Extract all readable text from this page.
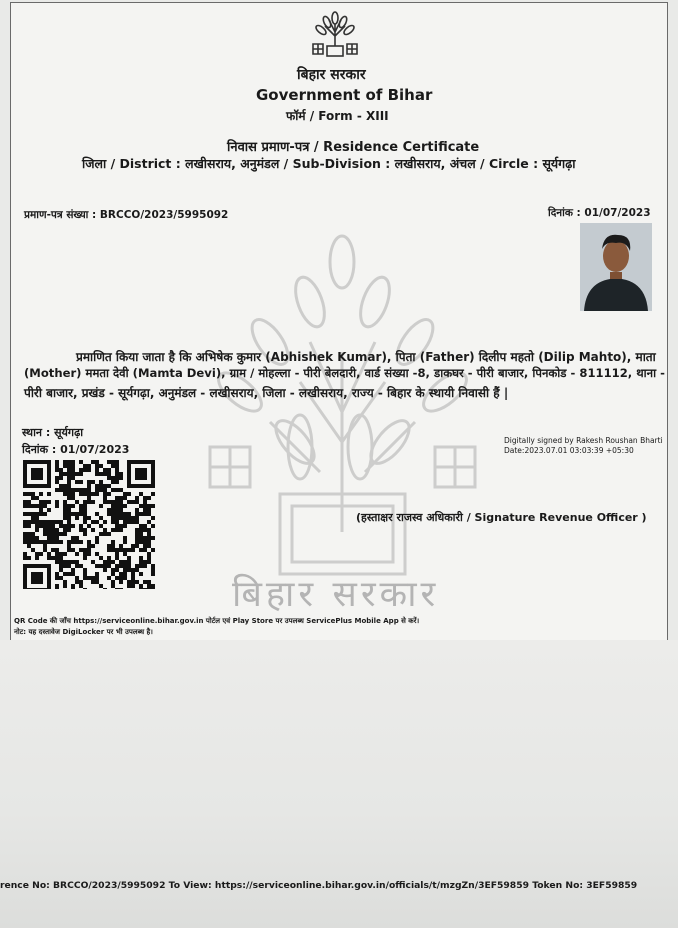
बिहार सरकार
बिहार सरकार
Government of Bihar
फॉर्म / Form - XIII
निवास प्रमाण-पत्र / Residence Certificate
जिला / District : लखीसराय, अनुमंडल / Sub-Division : लखीसराय, अंचल / Circle : सूर्यगढ़ा
प्रमाण-पत्र संख्या : BRCCO/2023/5995092	दिनांक : 01/07/2023
प्रमाणित किया जाता है कि अभिषेक कुमार (Abhishek Kumar), पिता (Father) दिलीप महतो (Dilip Mahto), माता
(Mother) ममता देवी (Mamta Devi), ग्राम / मोहल्ला - पीरी बेलदारी, वार्ड संख्या -8, डाकघर - पीरी बाजार, पिनकोड - 811112, थाना -
पीरी बाजार, प्रखंड - सूर्यगढ़ा, अनुमंडल - लखीसराय, जिला - लखीसराय, राज्य - बिहार के स्थायी निवासी हैं |
स्थान : सूर्यगढ़ा
दिनांक : 01/07/2023
Digitally signed by Rakesh Roushan Bharti
Date:2023.07.01 03:03:39 +05:30
(हस्ताक्षर राजस्व अधिकारी / Signature Revenue Officer )
QR Code की जाँच https://serviceonline.bihar.gov.in पोर्टल एवं Play Store पर उपलब्ध ServicePlus Mobile App से करें।
नोट: यह दस्तावेज DigiLocker पर भी उपलब्ध है।
rence No: BRCCO/2023/5995092 To View: https://serviceonline.bihar.gov.in/officials/t/mzgZn/3EF59859 Token No: 3EF59859
